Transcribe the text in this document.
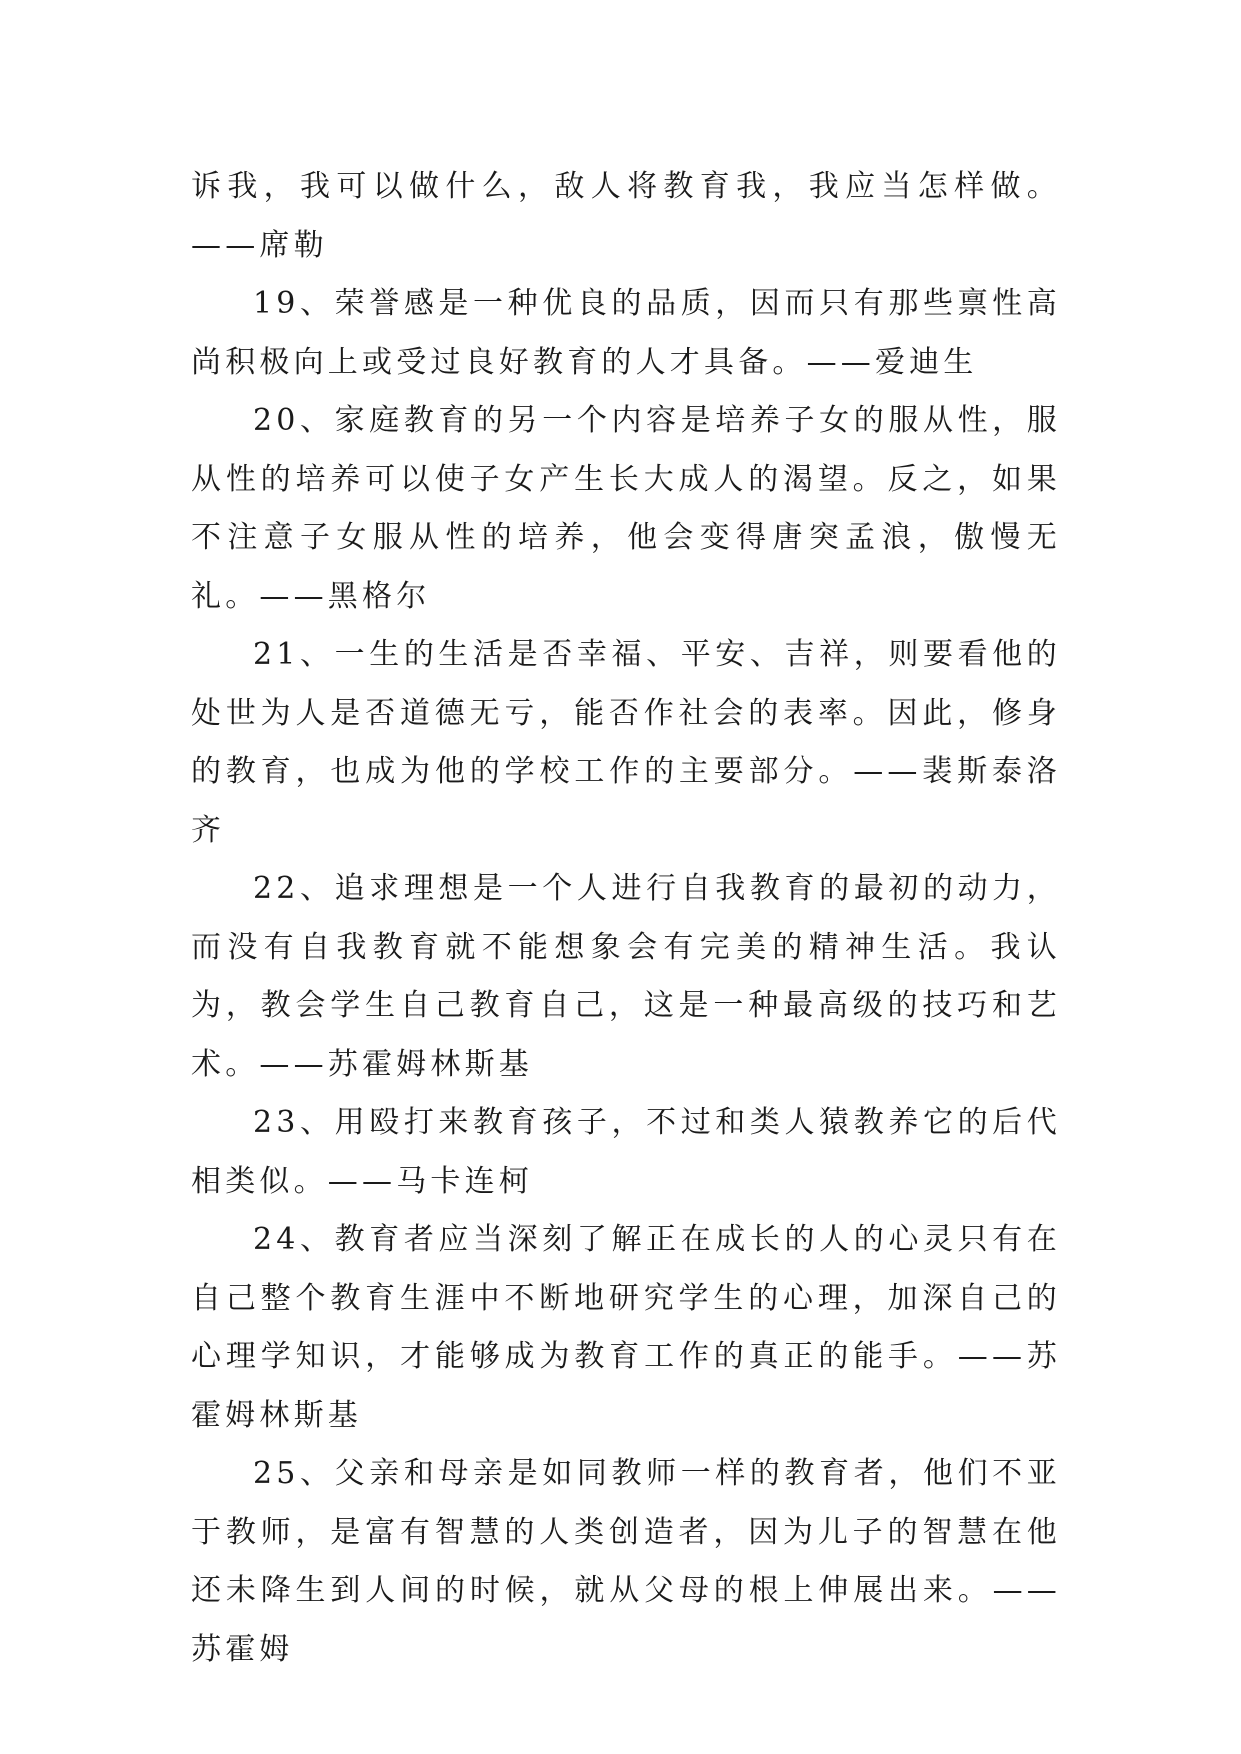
诉我，我可以做什么，敌人将教育我，我应当怎样做。——席勒

19、荣誉感是一种优良的品质，因而只有那些禀性高尚积极向上或受过良好教育的人才具备。——爱迪生

20、家庭教育的另一个内容是培养子女的服从性，服从性的培养可以使子女产生长大成人的渴望。反之，如果不注意子女服从性的培养，他会变得唐突孟浪，傲慢无礼。——黑格尔

21、一生的生活是否幸福、平安、吉祥，则要看他的处世为人是否道德无亏，能否作社会的表率。因此，修身的教育，也成为他的学校工作的主要部分。——裴斯泰洛齐

22、追求理想是一个人进行自我教育的最初的动力，而没有自我教育就不能想象会有完美的精神生活。我认为，教会学生自己教育自己，这是一种最高级的技巧和艺术。——苏霍姆林斯基

23、用殴打来教育孩子，不过和类人猿教养它的后代相类似。——马卡连柯

24、教育者应当深刻了解正在成长的人的心灵只有在自己整个教育生涯中不断地研究学生的心理，加深自己的心理学知识，才能够成为教育工作的真正的能手。——苏霍姆林斯基

25、父亲和母亲是如同教师一样的教育者，他们不亚于教师，是富有智慧的人类创造者，因为儿子的智慧在他还未降生到人间的时候，就从父母的根上伸展出来。——苏霍姆
